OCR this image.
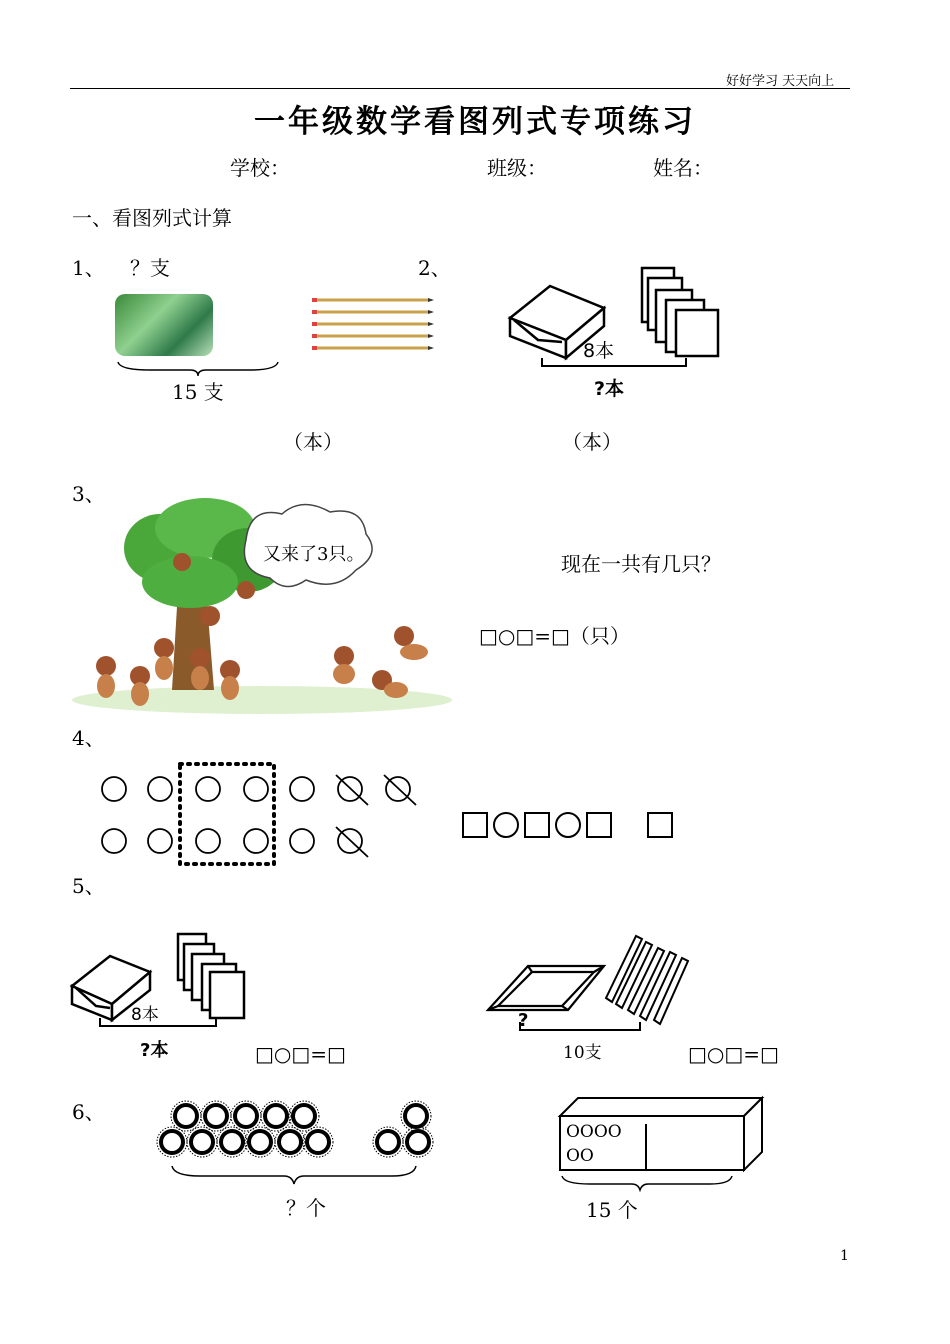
好好学习 天天向上
一年级数学看图列式专项练习
学校：	班级：	姓名：
一、看图列式计算
1、 ？支
15 支
（本）
2、
8本
?本
（本）
3、
又来了3只。	现在一共有几只？
□○□=□（只）
4、
5、
8本
?本	□○□=□
?
10支	□○□=□
6、
？个
OOOO
OO
15 个
1
